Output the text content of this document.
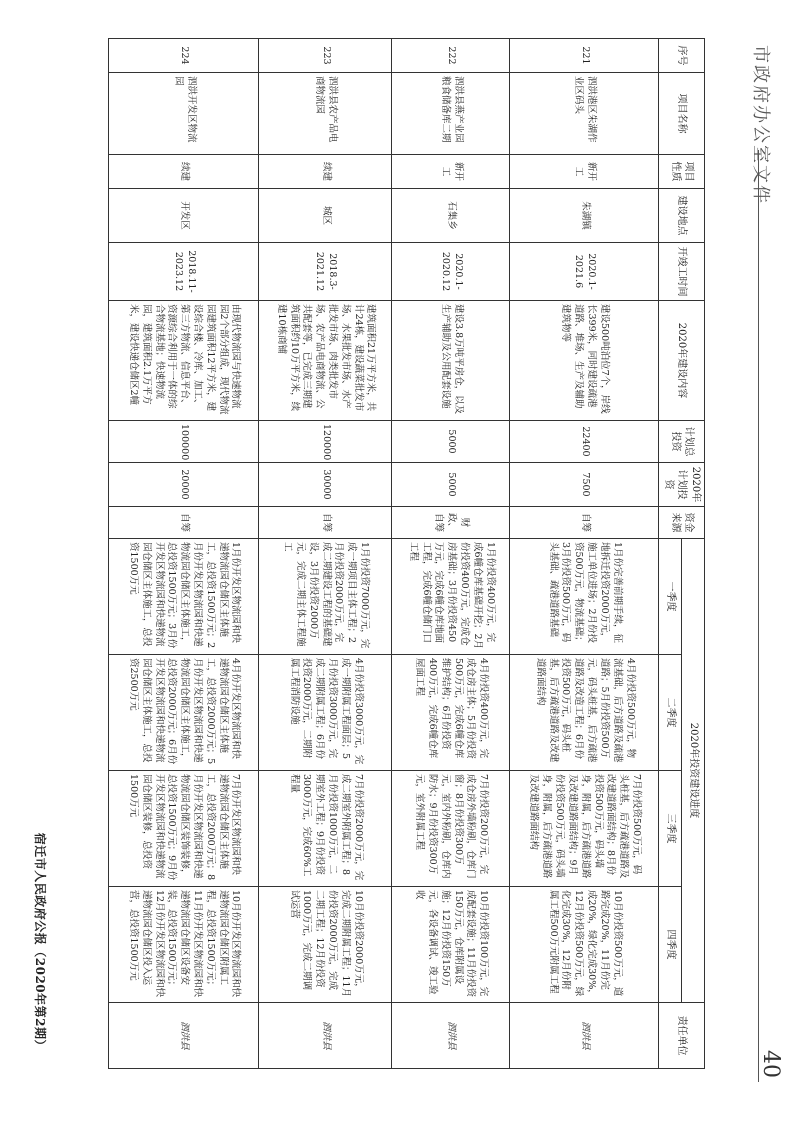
市政府办公室文件
40
序号	项目名称	项目性质	建设地点	开竣工时间	2020年建设内容	计划总投资	2020年计划投资	资金来源	2020年投资建设进度				责任单位
									一季度	二季度	三季度	四季度	
221	泗洪港区朱湖作业区码头	新开工	朱湖镇	2020.1-2021.6	建设500吨泊位7个，岸线长399米，同时建设疏港道路、堆场、生产及辅助建筑物等	22400	7500	自筹	1月份完善前期手续，征地拆迁投资2000万元，施工单位进场；2月份投资500万元，物流基础；3月份投资500万元，码头基础、疏港道路基础	4月份投资500万元，物流基础，后方道路及疏港道路；5月份投资500万元，码头桩基，后方疏港道路及改造工程；6月份投资500万元，码头桩基，后方疏港道路及改建道路面结构	7月份投资500万元，码头桩基，后方疏港道路及改建道路面结构；8月份投资500万元，码头墙身，附属，后方疏港道路及改建道路面结构；9月份投资500万元，码头墙身，附属，后方疏港道路及改建道路面结构	10月份投资500万元，道路完成20%，11月份完成20%，绿化完成30%，12月份投资500万元，绿化完成30%，12月份附属工程500万元附属工程	泗洪县
222	泗洪县燕产业园粮食储备库二期	新开工	石集乡	2020.1-2020.12	建设3.8万吨平房仓，以及生产辅助及公用配套设施	5000	5000	财政、自筹	1月份投资400万元，完成6幢仓库基础开挖；2月份投资400万元，完成仓房基础；3月份投资450万元，完成6幢仓库地面工程，完成6幢仓储门口工程	4月份投资400万元，完成仓房主体；5月份投资500万元，完成6幢仓库维护结构；6月份投资400万元，完成6幢仓库屋面工程	7月份投资200万元，完成仓房外墙粉刷，仓库门窗；8月份投资300万元，室内外粉刷，仓库内防水；9月份投资300万元，室外附属工程	10月份投资100万元，完成配套设施；11月份投资150万元，仓库附属设施；12月份投资150万元，各设备调试、竣工验收	泗洪县
223	泗洪县农产品电商物流园	续建	城区	2018.3-2021.12	建筑面积21万平方米，共计24栋，建设蔬菜批发市场、水果批发市场、水产批发市场、肉类批发市场、农产品电商物流、公共配套等，已完成三期建筑面积约10万平方米，续建10栋商铺	120000	30000	自筹	1月份投资7000万元，完成一期项目主体工程；2月份投资2000万元，完成二期建设工程的基础建设，3月份投资2000万元，完成二期主体工程施工	4月份投资3000万元，完成一期附属工程面层；5月份投资3000万元，完成二期附属工程；6月份投资2000万元，二期附属工程消防设施	7月份投资2000万元，完成二期室外附属工程；8月份投资1000万元，二期室外工程；9月份投资3000万元，完成60%工程量	10月份投资2000万元，完成二期附属工程；11月份投资2000万元，完成二期工程；12月份投资1000万元，完成二期调试运营	泗洪县
224	泗洪开发区物流园	续建	开发区	2018.11-2023.12	由现代物流园与快速物流园2个部分组成，现代物流园建筑面积12平方米，建设综合楼、冷库、加工、第三方物流、信息平台、资源综合利用于一体的综合物流基地；快速物流园，建筑面积2.1万平方米，建设快递仓储区2幢	100000	20000	自筹	1月份开发区物流园和快递物流园仓储区主体施工，总投资1500万元；2月份开发区物流园和快递物流园仓储区主体施工，总投资1500万元；3月份开发区物流园和快递物流园仓储区主体施工，总投资1500万元	4月份开发区物流园和快递物流园仓储区主体施工，总投资2000万元；5月份开发区物流园和快递物流园仓储区主体施工，总投资2000万元；6月份开发区物流园和快递物流园仓储区主体施工，总投资2500万元	7月份开发区物流园和快递物流园仓储区主体施工，总投资2000万元；8月份开发区物流园和快递物流园仓储区装饰装修，总投资1500万元；9月份开发区物流园和快递物流园仓储区装修，总投资1500万元	10月份开发区物流园和快递物流园仓储区附属工程，总投资1500万元；11月份开发区物流园和快递物流园仓储区设备安装，总投资1500万元；12月份开发区物流园和快递物流园仓储区投入运营，总投资1500万元	泗洪县
宿迁市人民政府公报（2020年第2期）
